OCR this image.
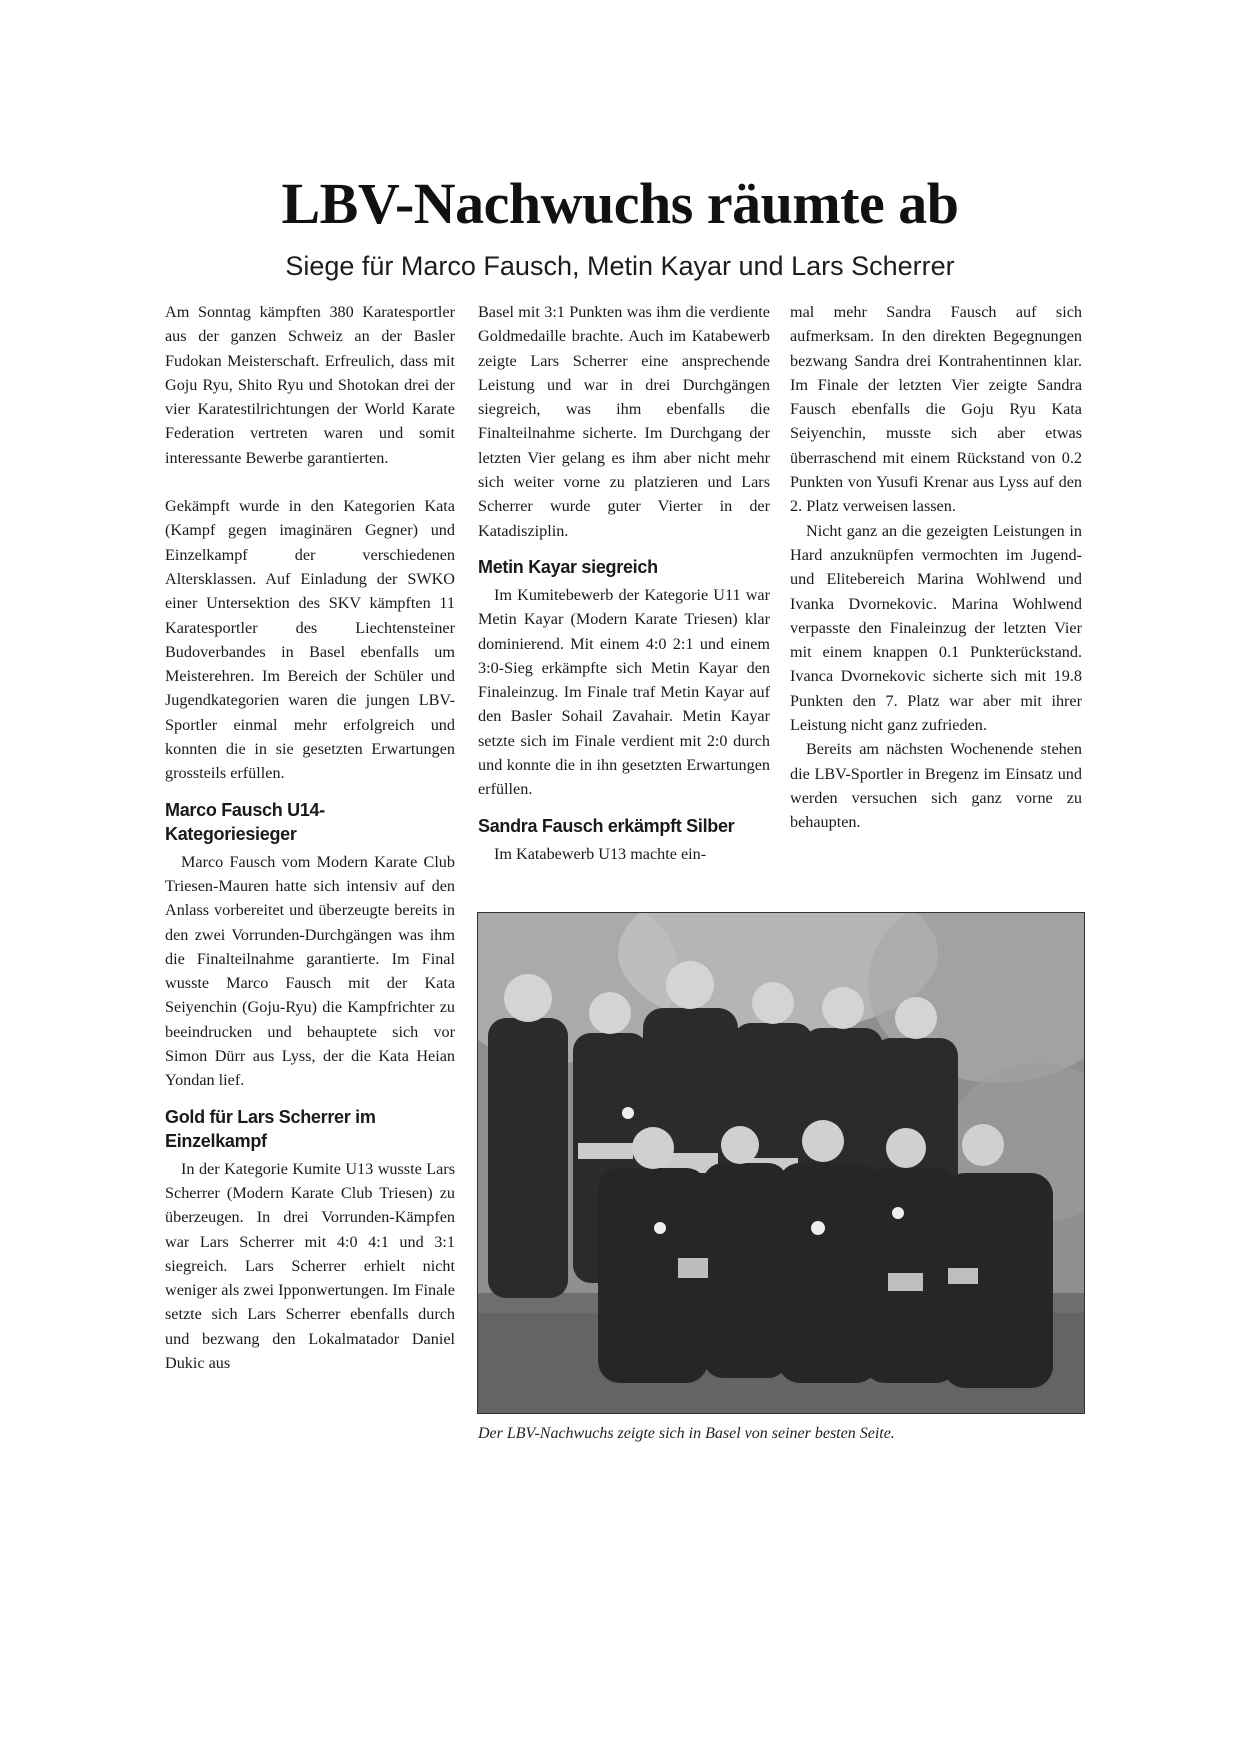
LBV-Nachwuchs räumte ab
Siege für Marco Fausch, Metin Kayar und Lars Scherrer

Am Sonntag kämpften 380 Karatesportler aus der ganzen Schweiz an der Basler Fudokan Meisterschaft. Erfreulich, dass mit Goju Ryu, Shito Ryu und Shotokan drei der vier Karatestilrichtungen der World Karate Federation vertreten waren und somit interessante Bewerbe garantierten.

Gekämpft wurde in den Kategorien Kata (Kampf gegen imaginären Gegner) und Einzelkampf der verschiedenen Altersklassen. Auf Einladung der SWKO einer Untersektion des SKV kämpften 11 Karatesportler des Liechtensteiner Budoverbandes in Basel ebenfalls um Meisterehren. Im Bereich der Schüler und Jugendkategorien waren die jungen LBV-Sportler einmal mehr erfolgreich und konnten die in sie gesetzten Erwartungen grossteils erfüllen.

Marco Fausch U14-Kategoriesieger

Marco Fausch vom Modern Karate Club Triesen-Mauren hatte sich intensiv auf den Anlass vorbereitet und überzeugte bereits in den zwei Vorrunden-Durchgängen was ihm die Finalteilnahme garantierte. Im Final wusste Marco Fausch mit der Kata Seiyenchin (Goju-Ryu) die Kampfrichter zu beeindrucken und behauptete sich vor Simon Dürr aus Lyss, der die Kata Heian Yondan lief.

Gold für Lars Scherrer im Einzelkampf

In der Kategorie Kumite U13 wusste Lars Scherrer (Modern Karate Club Triesen) zu überzeugen. In drei Vorrunden-Kämpfen war Lars Scherrer mit 4:0 4:1 und 3:1 siegreich. Lars Scherrer erhielt nicht weniger als zwei Ipponwertungen. Im Finale setzte sich Lars Scherrer ebenfalls durch und bezwang den Lokalmatador Daniel Dukic aus

Basel mit 3:1 Punkten was ihm die verdiente Goldmedaille brachte. Auch im Katabewerb zeigte Lars Scherrer eine ansprechende Leistung und war in drei Durchgängen siegreich, was ihm ebenfalls die Finalteilnahme sicherte. Im Durchgang der letzten Vier gelang es ihm aber nicht mehr sich weiter vorne zu platzieren und Lars Scherrer wurde guter Vierter in der Katadisziplin.

Metin Kayar siegreich

Im Kumitebewerb der Kategorie U11 war Metin Kayar (Modern Karate Triesen) klar dominierend. Mit einem 4:0 2:1 und einem 3:0-Sieg erkämpfte sich Metin Kayar den Finaleinzug. Im Finale traf Metin Kayar auf den Basler Sohail Zavahair. Metin Kayar setzte sich im Finale verdient mit 2:0 durch und konnte die in ihn gesetzten Erwartungen erfüllen.

Sandra Fausch erkämpft Silber

Im Katabewerb U13 machte ein-

mal mehr Sandra Fausch auf sich aufmerksam. In den direkten Begegnungen bezwang Sandra drei Kontrahentinnen klar. Im Finale der letzten Vier zeigte Sandra Fausch ebenfalls die Goju Ryu Kata Seiyenchin, musste sich aber etwas überraschend mit einem Rückstand von 0.2 Punkten von Yusufi Krenar aus Lyss auf den 2. Platz verweisen lassen.

Nicht ganz an die gezeigten Leistungen in Hard anzuknüpfen vermochten im Jugend- und Elitebereich Marina Wohlwend und Ivanka Dvornekovic. Marina Wohlwend verpasste den Finaleinzug der letzten Vier mit einem knappen 0.1 Punkterückstand. Ivanca Dvornekovic sicherte sich mit 19.8 Punkten den 7. Platz war aber mit ihrer Leistung nicht ganz zufrieden.

Bereits am nächsten Wochenende stehen die LBV-Sportler in Bregenz im Einsatz und werden versuchen sich ganz vorne zu behaupten.

Der LBV-Nachwuchs zeigte sich in Basel von seiner besten Seite.
